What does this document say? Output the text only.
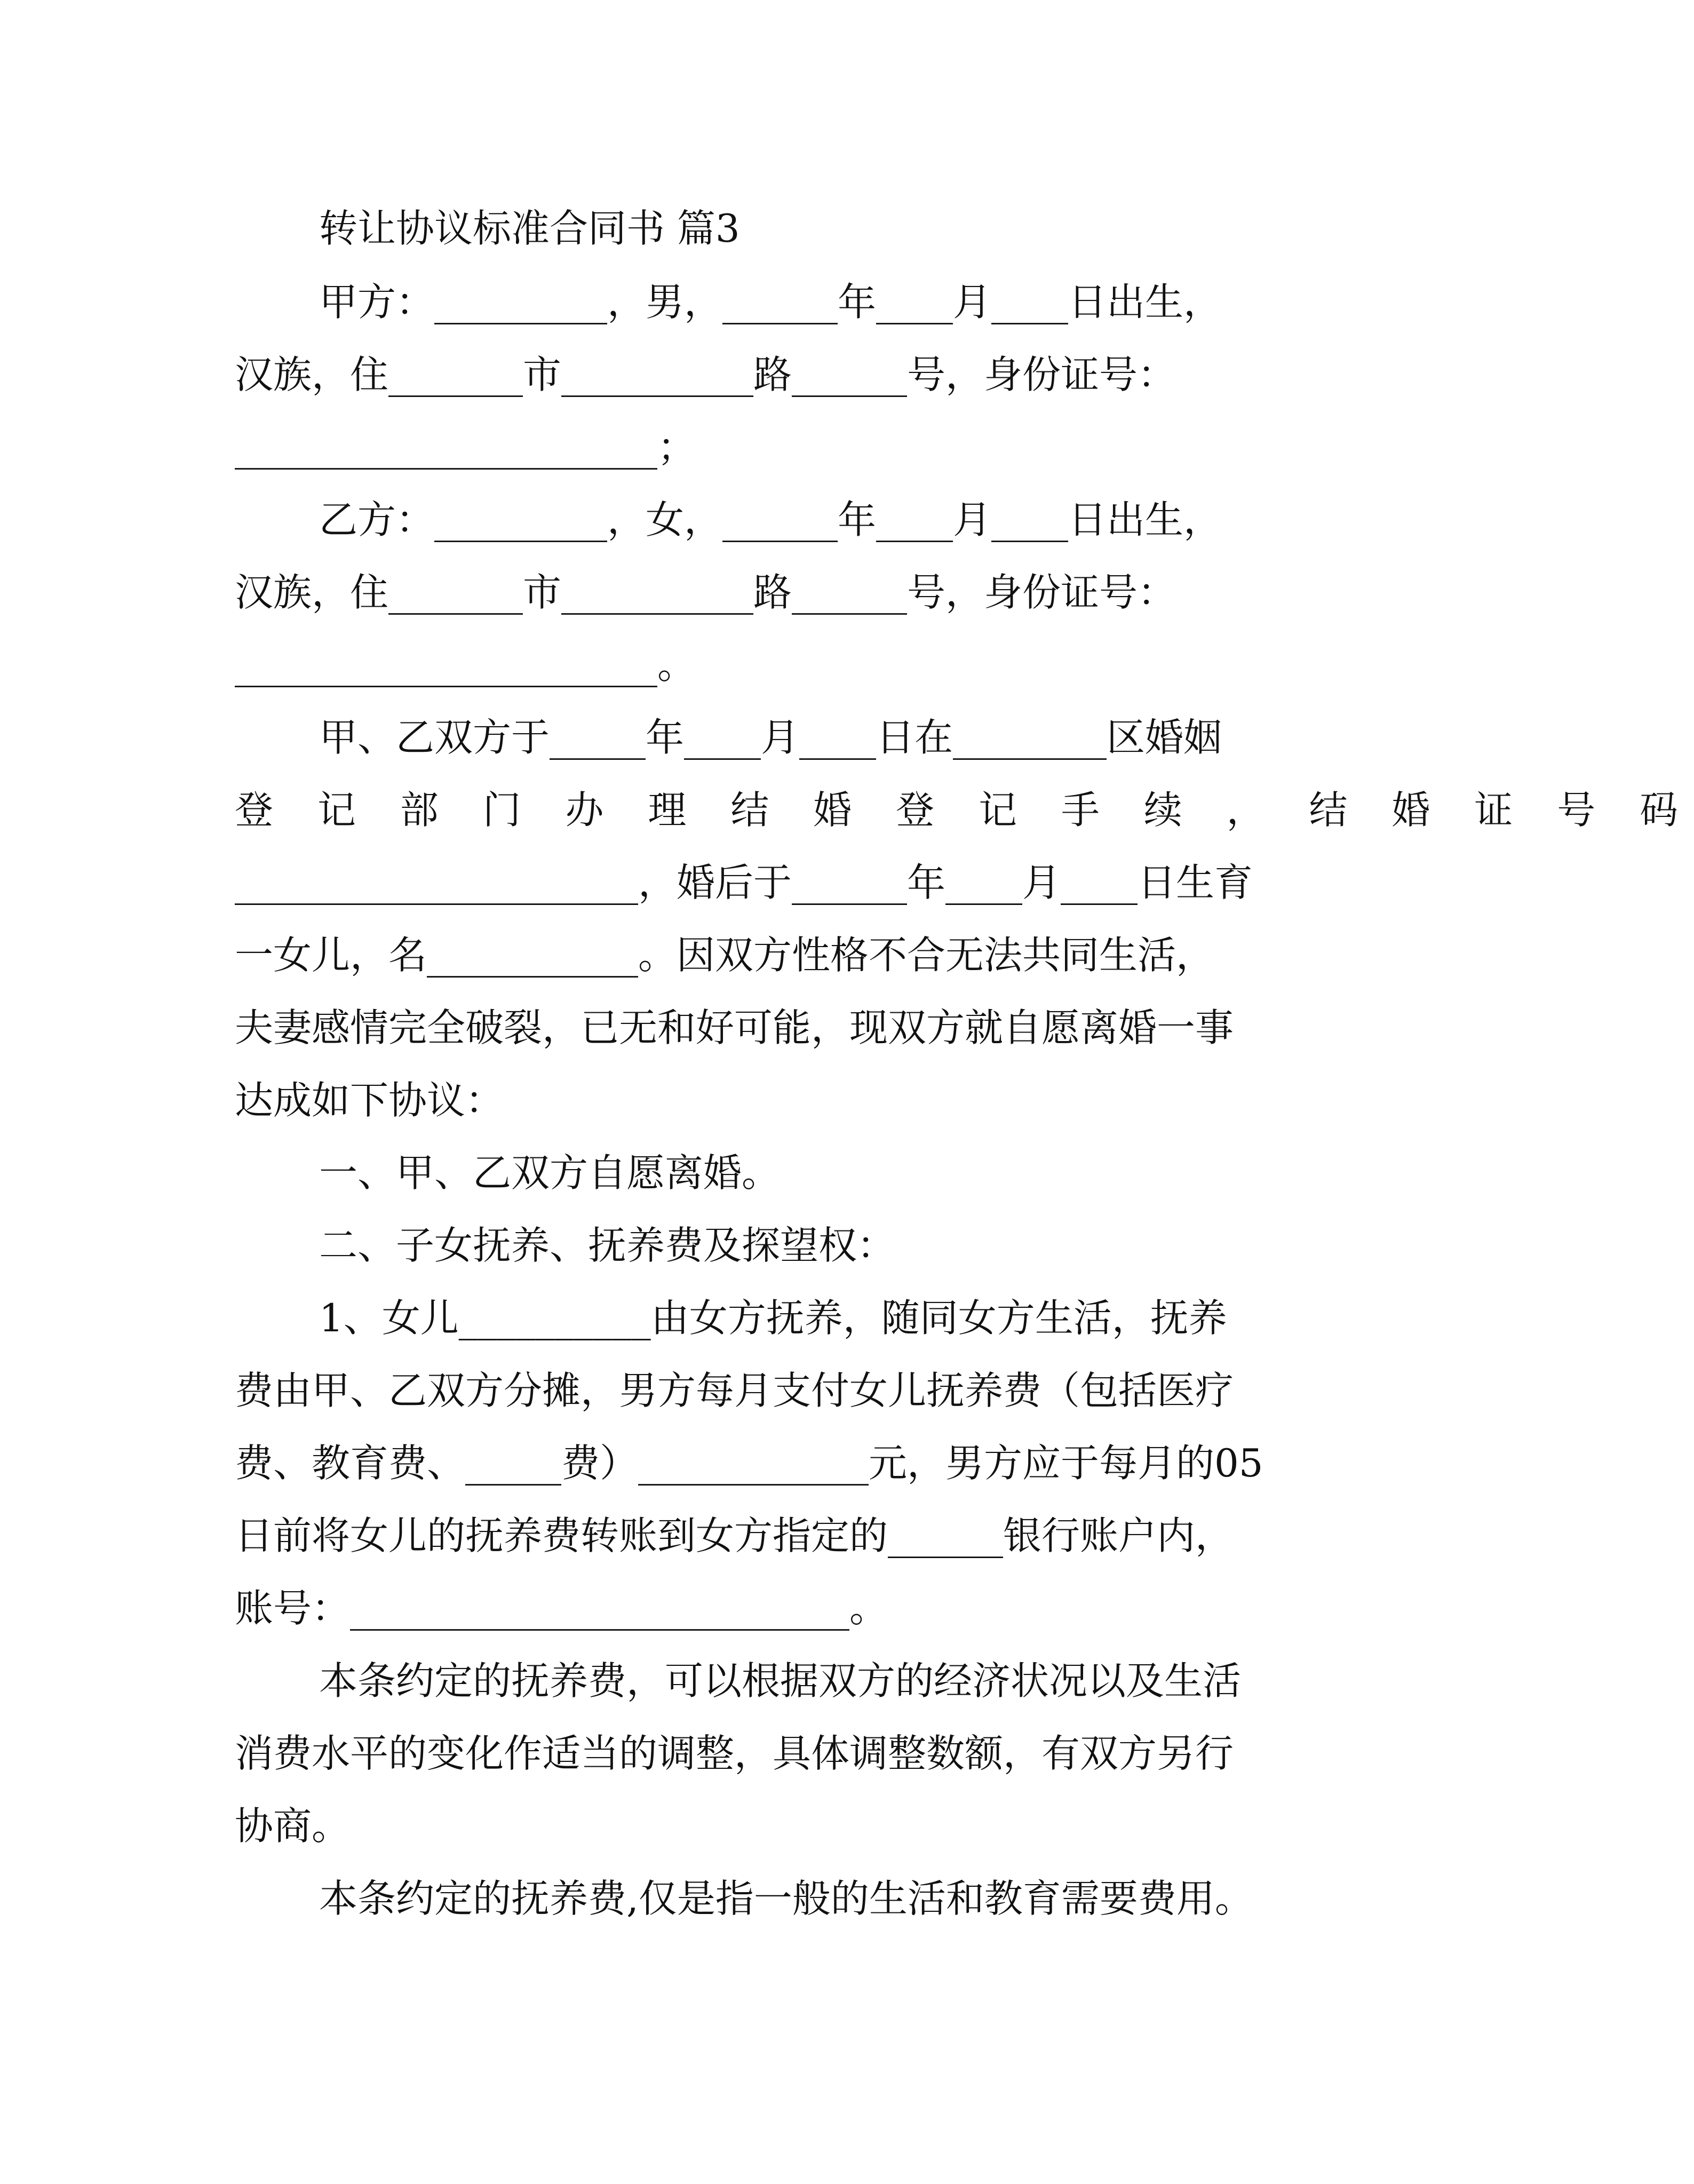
转让协议标准合同书 篇3
甲方：_________，男，______年____月____日出生，
汉族，住_______市__________路______号，身份证号：
______________________；
乙方：_________，女，______年____月____日出生，
汉族，住_______市__________路______号，身份证号：
______________________。
甲、乙双方于_____年____月____日在________区婚姻
登 记 部 门 办 理 结 婚 登 记 手 续 ， 结 婚 证 号 码
_____________________，婚后于______年____月____日生育
一女儿，名___________。因双方性格不合无法共同生活，
夫妻感情完全破裂，已无和好可能，现双方就自愿离婚一事
达成如下协议：
一、甲、乙双方自愿离婚。
二、子女抚养、抚养费及探望权：
1、女儿__________由女方抚养，随同女方生活，抚养
费由甲、乙双方分摊，男方每月支付女儿抚养费（包括医疗
费、教育费、_____费）____________元，男方应于每月的05
日前将女儿的抚养费转账到女方指定的______银行账户内，
账号：__________________________。
本条约定的抚养费，可以根据双方的经济状况以及生活
消费水平的变化作适当的调整，具体调整数额，有双方另行
协商。
本条约定的抚养费,仅是指一般的生活和教育需要费用。
